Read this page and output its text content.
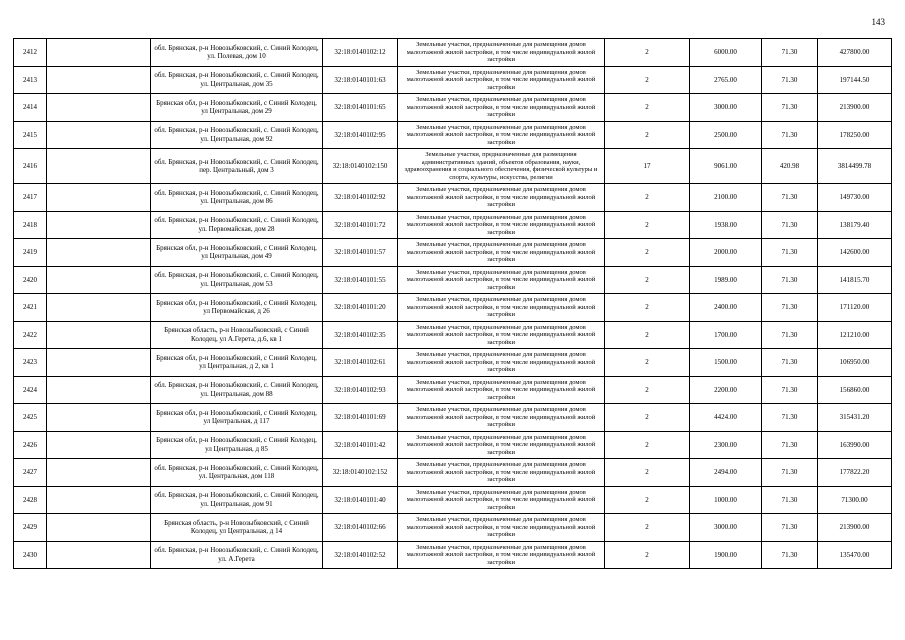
143
2412		обл. Брянская, р-н Новозыбковский, с. Синий Колодец, ул. Полевая, дом 10	32:18:0140102:12	Земельные участки, предназначенные для размещения домов малоэтажной жилой застройки, в том числе индивидуальной жилой застройки	2	6000.00	71.30	427800.00
2413		обл. Брянская, р-н Новозыбковский, с. Синий Колодец, ул. Центральная, дом 35	32:18:0140101:63	Земельные участки, предназначенные для размещения домов малоэтажной жилой застройки, в том числе индивидуальной жилой застройки	2	2765.00	71.30	197144.50
2414		Брянская обл, р-н Новозыбковский, с Синий Колодец, ул Центральная, дом 29	32:18:0140101:65	Земельные участки, предназначенные для размещения домов малоэтажной жилой застройки, в том числе индивидуальной жилой застройки	2	3000.00	71.30	213900.00
2415		обл. Брянская, р-н Новозыбковский, с. Синий Колодец, ул. Центральная, дом 92	32:18:0140102:95	Земельные участки, предназначенные для размещения домов малоэтажной жилой застройки, в том числе индивидуальной жилой застройки	2	2500.00	71.30	178250.00
2416		обл. Брянская, р-н Новозыбковский, с. Синий Колодец, пер. Центральный, дом 3	32:18:0140102:150	Земельные участки, предназначенные для размещения административных зданий, объектов образования, науки, здравоохранения и социального обеспечения, физической культуры и спорта, культуры, искусства, религии	17	9061.00	420.98	3814499.78
2417		обл. Брянская, р-н Новозыбковский, с. Синий Колодец, ул. Центральная, дом 86	32:18:0140102:92	Земельные участки, предназначенные для размещения домов малоэтажной жилой застройки, в том числе индивидуальной жилой застройки	2	2100.00	71.30	149730.00
2418		обл. Брянская, р-н Новозыбковский, с. Синий Колодец, ул. Первомайская, дом 28	32:18:0140101:72	Земельные участки, предназначенные для размещения домов малоэтажной жилой застройки, в том числе индивидуальной жилой застройки	2	1938.00	71.30	138179.40
2419		Брянская обл, р-н Новозыбковский, с Синий Колодец, ул Центральная, дом 49	32:18:0140101:57	Земельные участки, предназначенные для размещения домов малоэтажной жилой застройки, в том числе индивидуальной жилой застройки	2	2000.00	71.30	142600.00
2420		обл. Брянская, р-н Новозыбковский, с. Синий Колодец, ул. Центральная, дом 53	32:18:0140101:55	Земельные участки, предназначенные для размещения домов малоэтажной жилой застройки, в том числе индивидуальной жилой застройки	2	1989.00	71.30	141815.70
2421		Брянская обл, р-н Новозыбковский, с Синий Колодец, ул Первомайская, д 26	32:18:0140101:20	Земельные участки, предназначенные для размещения домов малоэтажной жилой застройки, в том числе индивидуальной жилой застройки	2	2400.00	71.30	171120.00
2422		Брянская область, р-н Новозыбковский, с Синий Колодец, ул А.Герета, д.6, кв 1	32:18:0140102:35	Земельные участки, предназначенные для размещения домов малоэтажной жилой застройки, в том числе индивидуальной жилой застройки	2	1700.00	71.30	121210.00
2423		Брянская обл, р-н Новозыбковский, с Синий Колодец, ул Центральная, д 2, кв 1	32:18:0140102:61	Земельные участки, предназначенные для размещения домов малоэтажной жилой застройки, в том числе индивидуальной жилой застройки	2	1500.00	71.30	106950.00
2424		обл. Брянская, р-н Новозыбковский, с. Синий Колодец, ул. Центральная, дом 88	32:18:0140102:93	Земельные участки, предназначенные для размещения домов малоэтажной жилой застройки, в том числе индивидуальной жилой застройки	2	2200.00	71.30	156860.00
2425		Брянская обл, р-н Новозыбковский, с Синий Колодец, ул Центральная, д 117	32:18:0140101:69	Земельные участки, предназначенные для размещения домов малоэтажной жилой застройки, в том числе индивидуальной жилой застройки	2	4424.00	71.30	315431.20
2426		Брянская обл, р-н Новозыбковский, с Синий Колодец, ул Центральная, д 85	32:18:0140101:42	Земельные участки, предназначенные для размещения домов малоэтажной жилой застройки, в том числе индивидуальной жилой застройки	2	2300.00	71.30	163990.00
2427		обл. Брянская, р-н Новозыбковский, с. Синий Колодец, ул. Центральная, дом 118	32:18:0140102:152	Земельные участки, предназначенные для размещения домов малоэтажной жилой застройки, в том числе индивидуальной жилой застройки	2	2494.00	71.30	177822.20
2428		обл. Брянская, р-н Новозыбковский, с. Синий Колодец, ул. Центральная, дом 91	32:18:0140101:40	Земельные участки, предназначенные для размещения домов малоэтажной жилой застройки, в том числе индивидуальной жилой застройки	2	1000.00	71.30	71300.00
2429		Брянская область, р-н Новозыбковский, с Синий Колодец, ул Центральная, д 14	32:18:0140102:66	Земельные участки, предназначенные для размещения домов малоэтажной жилой застройки, в том числе индивидуальной жилой застройки	2	3000.00	71.30	213900.00
2430		обл. Брянская, р-н Новозыбковский, с. Синий Колодец, ул. А.Герета	32:18:0140102:52	Земельные участки, предназначенные для размещения домов малоэтажной жилой застройки, в том числе индивидуальной жилой застройки	2	1900.00	71.30	135470.00
